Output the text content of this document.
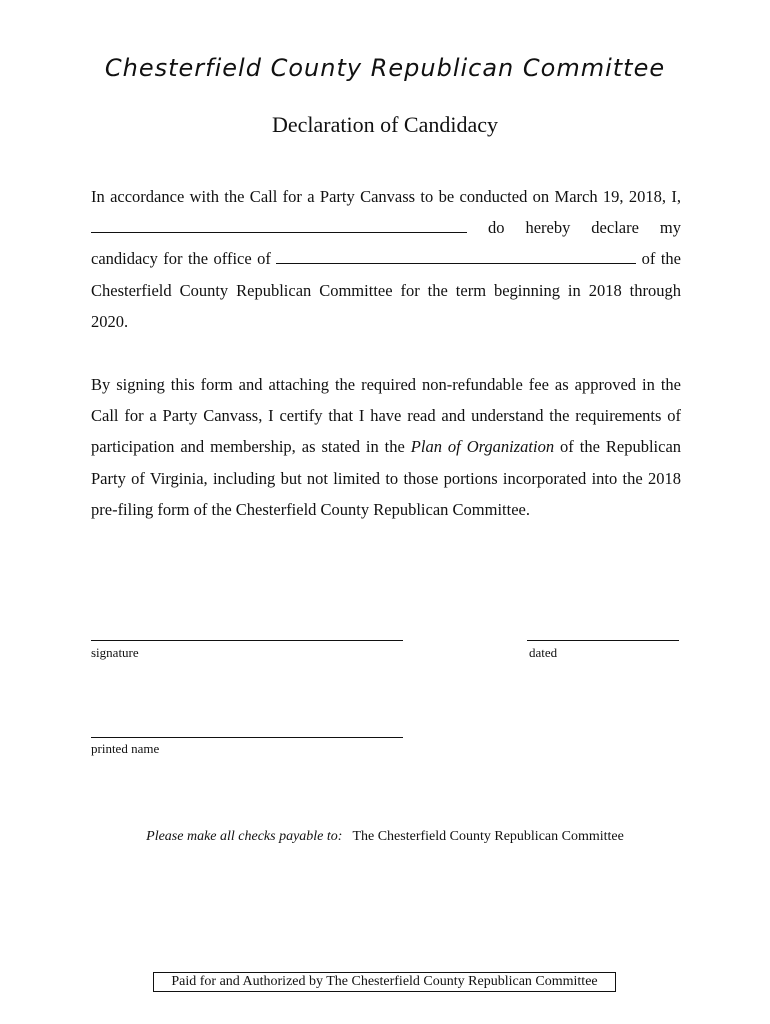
Chesterfield County Republican Committee
Declaration of Candidacy
In accordance with the Call for a Party Canvass to be conducted on March 19, 2018, I,  do hereby declare my candidacy for the office of	of the Chesterfield County Republican Committee for the term beginning in 2018 through 2020.
By signing this form and attaching the required non-refundable fee as approved in the Call for a Party Canvass, I certify that I have read and understand the requirements of participation and membership, as stated in the Plan of Organization of the Republican Party of Virginia, including but not limited to those portions incorporated into the 2018 pre-filing form of the Chesterfield County Republican Committee.
signature	dated
printed name
Please make all checks payable to: The Chesterfield County Republican Committee
Paid for and Authorized by The Chesterfield County Republican Committee
